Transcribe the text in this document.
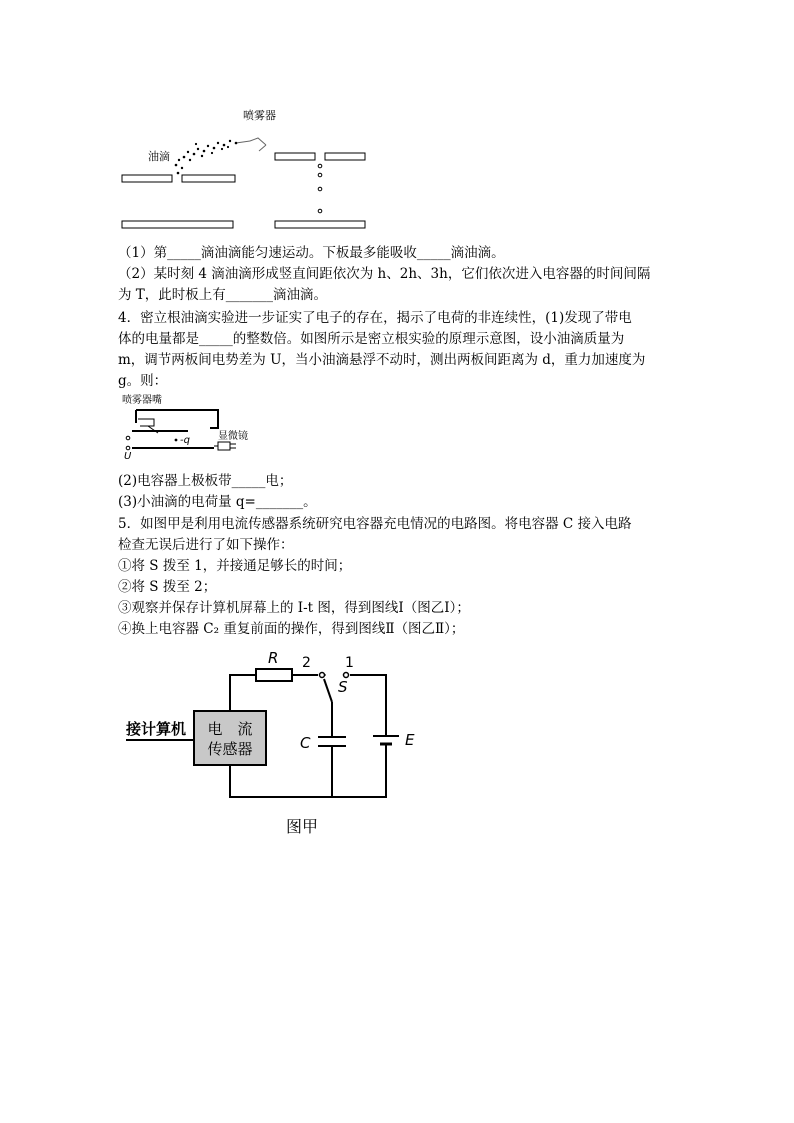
喷雾器
油滴
（1）第_____滴油滴能匀速运动。下板最多能吸收_____滴油滴。
（2）某时刻 4 滴油滴形成竖直间距依次为 h、2h、3h，它们依次进入电容器的时间间隔
为 T，此时板上有_______滴油滴。
4．密立根油滴实验进一步证实了电子的存在，揭示了电荷的非连续性，(1)发现了带电
体的电量都是_____的整数倍。如图所示是密立根实验的原理示意图，设小油滴质量为
m，调节两板间电势差为 U，当小油滴悬浮不动时，测出两板间距离为 d，重力加速度为
g。则：
喷雾器嘴
U
-q	显微镜
(2)电容器上极板带_____电；
(3)小油滴的电荷量 q=_______。
5．如图甲是利用电流传感器系统研究电容器充电情况的电路图。将电容器 C 接入电路
检查无误后进行了如下操作：
①将 S 拨至 1，并接通足够长的时间；
②将 S 拨至 2；
③观察并保存计算机屏幕上的 I-t 图，得到图线Ⅰ（图乙Ⅰ）；
④换上电容器 C₂ 重复前面的操作，得到图线Ⅱ（图乙Ⅱ）；
接计算机 电　流
传感器
R 2 1
S
C	E
图甲
